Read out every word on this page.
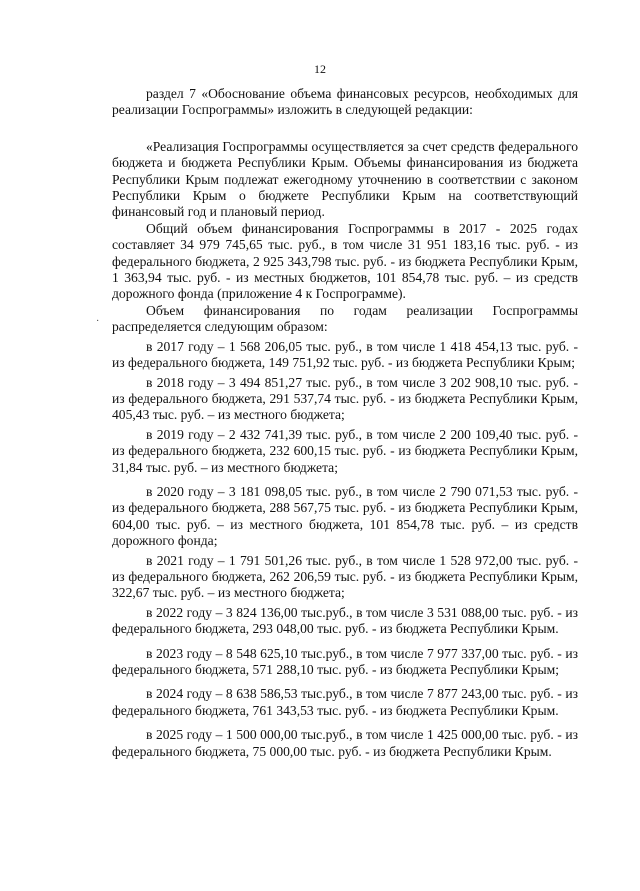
12
·

раздел 7 «Обоснование объема финансовых ресурсов, необходимых для реализации Госпрограммы» изложить в следующей редакции:

«Реализация Госпрограммы осуществляется за счет средств федерального бюджета и бюджета Республики Крым. Объемы финансирования из бюджета Республики Крым подлежат ежегодному уточнению в соответствии с законом Республики Крым о бюджете Республики Крым на соответствующий финансовый год и плановый период.

Общий объем финансирования Госпрограммы в 2017 - 2025 годах составляет 34 979 745,65 тыс. руб., в том числе 31 951 183,16 тыс. руб. - из федерального бюджета, 2 925 343,798 тыс. руб. - из бюджета Республики Крым, 1 363,94 тыс. руб. - из местных бюджетов, 101 854,78 тыс. руб. – из средств дорожного фонда (приложение 4 к Госпрограмме).

Объем финансирования по годам реализации Госпрограммы распределяется следующим образом:

в 2017 году – 1 568 206,05 тыс. руб., в том числе 1 418 454,13 тыс. руб. - из федерального бюджета, 149 751,92 тыс. руб. - из бюджета Республики Крым;

в 2018 году – 3 494 851,27 тыс. руб., в том числе 3 202 908,10 тыс. руб. - из федерального бюджета, 291 537,74 тыс. руб. - из бюджета Республики Крым, 405,43 тыс. руб. – из местного бюджета;

в 2019 году – 2 432 741,39 тыс. руб., в том числе 2 200 109,40 тыс. руб. - из федерального бюджета, 232 600,15 тыс. руб. - из бюджета Республики Крым, 31,84 тыс. руб. – из местного бюджета;

в 2020 году – 3 181 098,05 тыс. руб., в том числе 2 790 071,53 тыс. руб. - из федерального бюджета, 288 567,75 тыс. руб. - из бюджета Республики Крым, 604,00 тыс. руб. – из местного бюджета, 101 854,78 тыс. руб. – из средств дорожного фонда;

в 2021 году – 1 791 501,26 тыс. руб., в том числе 1 528 972,00 тыс. руб. - из федерального бюджета, 262 206,59 тыс. руб. - из бюджета Республики Крым, 322,67 тыс. руб. – из местного бюджета;

в 2022 году – 3 824 136,00 тыс.руб., в том числе 3 531 088,00 тыс. руб. - из федерального бюджета, 293 048,00 тыс. руб. - из бюджета Республики Крым.

в 2023 году – 8 548 625,10 тыс.руб., в том числе 7 977 337,00 тыс. руб. - из федерального бюджета, 571 288,10 тыс. руб. - из бюджета Республики Крым;

в 2024 году – 8 638 586,53 тыс.руб., в том числе 7 877 243,00 тыс. руб. - из федерального бюджета, 761 343,53 тыс. руб. - из бюджета Республики Крым.

в 2025 году – 1 500 000,00 тыс.руб., в том числе 1 425 000,00 тыс. руб. - из федерального бюджета, 75 000,00 тыс. руб. - из бюджета Республики Крым.
